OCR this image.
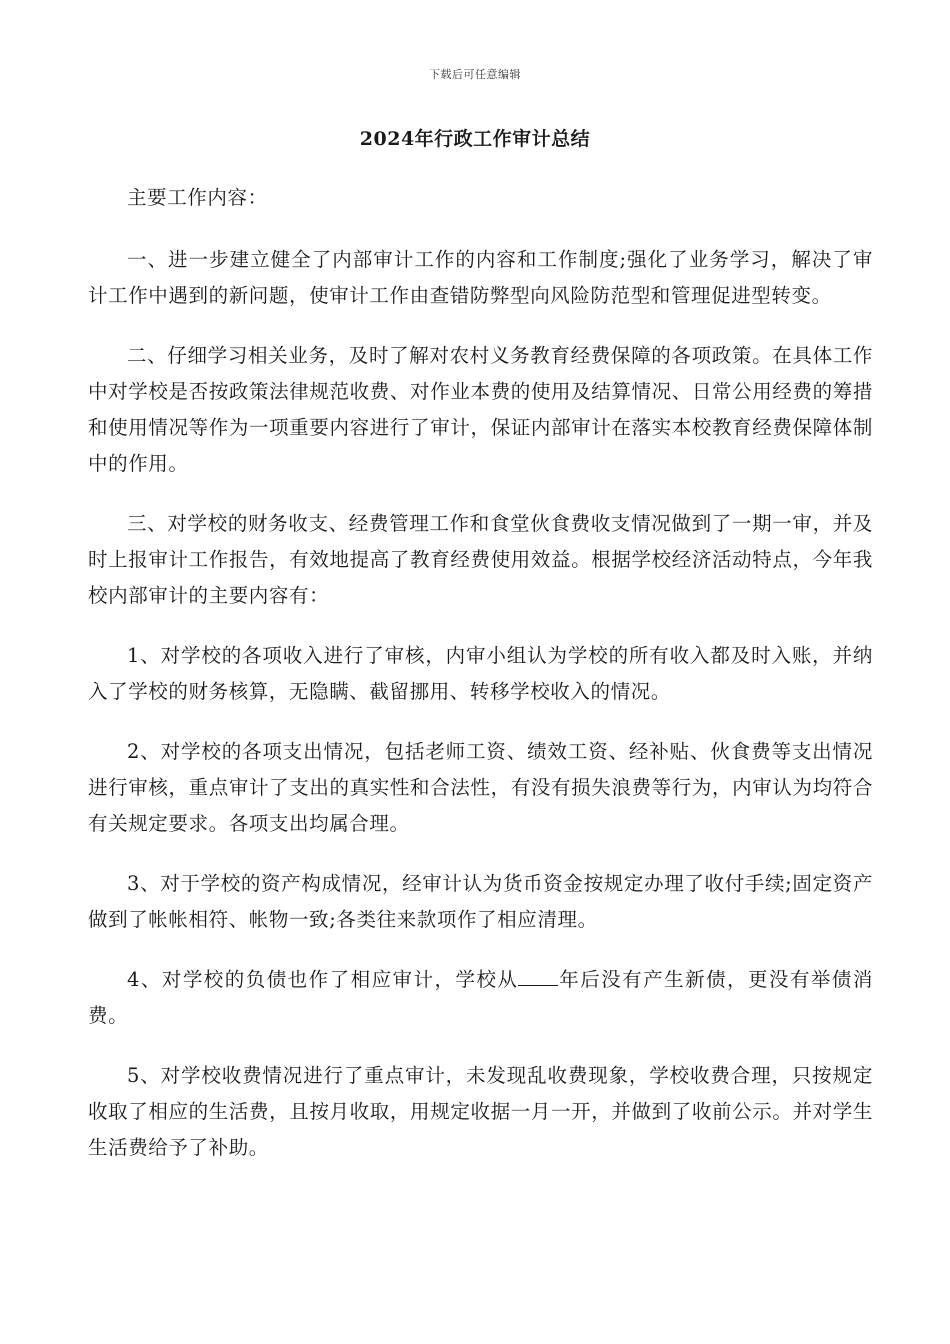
下载后可任意编辑
2024年行政工作审计总结

主要工作内容：

一、进一步建立健全了内部审计工作的内容和工作制度;强化了业务学习，解决了审计工作中遇到的新问题，使审计工作由查错防弊型向风险防范型和管理促进型转变。

二、仔细学习相关业务，及时了解对农村义务教育经费保障的各项政策。在具体工作中对学校是否按政策法律规范收费、对作业本费的使用及结算情况、日常公用经费的筹措和使用情况等作为一项重要内容进行了审计，保证内部审计在落实本校教育经费保障体制中的作用。

三、对学校的财务收支、经费管理工作和食堂伙食费收支情况做到了一期一审，并及时上报审计工作报告，有效地提高了教育经费使用效益。根据学校经济活动特点，今年我校内部审计的主要内容有：

1、对学校的各项收入进行了审核，内审小组认为学校的所有收入都及时入账，并纳入了学校的财务核算，无隐瞒、截留挪用、转移学校收入的情况。

2、对学校的各项支出情况，包括老师工资、绩效工资、经补贴、伙食费等支出情况进行审核，重点审计了支出的真实性和合法性，有没有损失浪费等行为，内审认为均符合有关规定要求。各项支出均属合理。

3、对于学校的资产构成情况，经审计认为货币资金按规定办理了收付手续;固定资产做到了帐帐相符、帐物一致;各类往来款项作了相应清理。

4、对学校的负债也作了相应审计，学校从 年后没有产生新债，更没有举债消费。

5、对学校收费情况进行了重点审计，未发现乱收费现象，学校收费合理，只按规定收取了相应的生活费，且按月收取，用规定收据一月一开，并做到了收前公示。并对学生生活费给予了补助。
